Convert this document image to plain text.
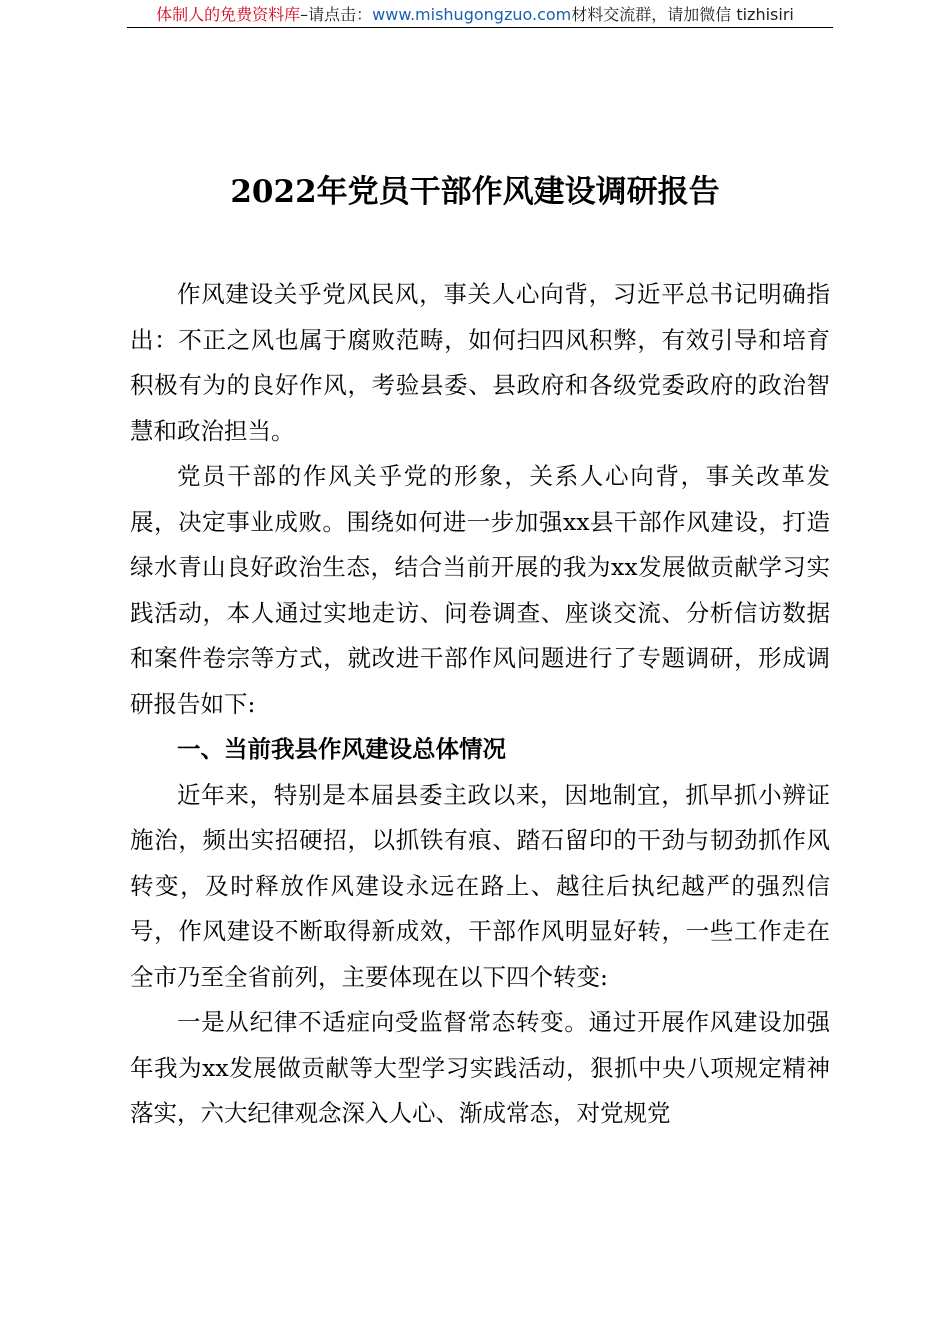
体制人的免费资料库–请点击：www.mishugongzuo.com材料交流群，请加微信 tizhisiri
2022年党员干部作风建设调研报告

作风建设关乎党风民风，事关人心向背，习近平总书记明确指出：不正之风也属于腐败范畴，如何扫四风积弊，有效引导和培育积极有为的良好作风，考验县委、县政府和各级党委政府的政治智慧和政治担当。

党员干部的作风关乎党的形象，关系人心向背，事关改革发展，决定事业成败。围绕如何进一步加强xx县干部作风建设，打造绿水青山良好政治生态，结合当前开展的我为xx发展做贡献学习实践活动，本人通过实地走访、问卷调查、座谈交流、分析信访数据和案件卷宗等方式，就改进干部作风问题进行了专题调研，形成调研报告如下:

一、当前我县作风建设总体情况

近年来，特别是本届县委主政以来，因地制宜，抓早抓小辨证施治，频出实招硬招，以抓铁有痕、踏石留印的干劲与韧劲抓作风转变，及时释放作风建设永远在路上、越往后执纪越严的强烈信号，作风建设不断取得新成效，干部作风明显好转，一些工作走在全市乃至全省前列，主要体现在以下四个转变:

一是从纪律不适症向受监督常态转变。通过开展作风建设加强年我为xx发展做贡献等大型学习实践活动，狠抓中央八项规定精神落实，六大纪律观念深入人心、渐成常态，对党规党
